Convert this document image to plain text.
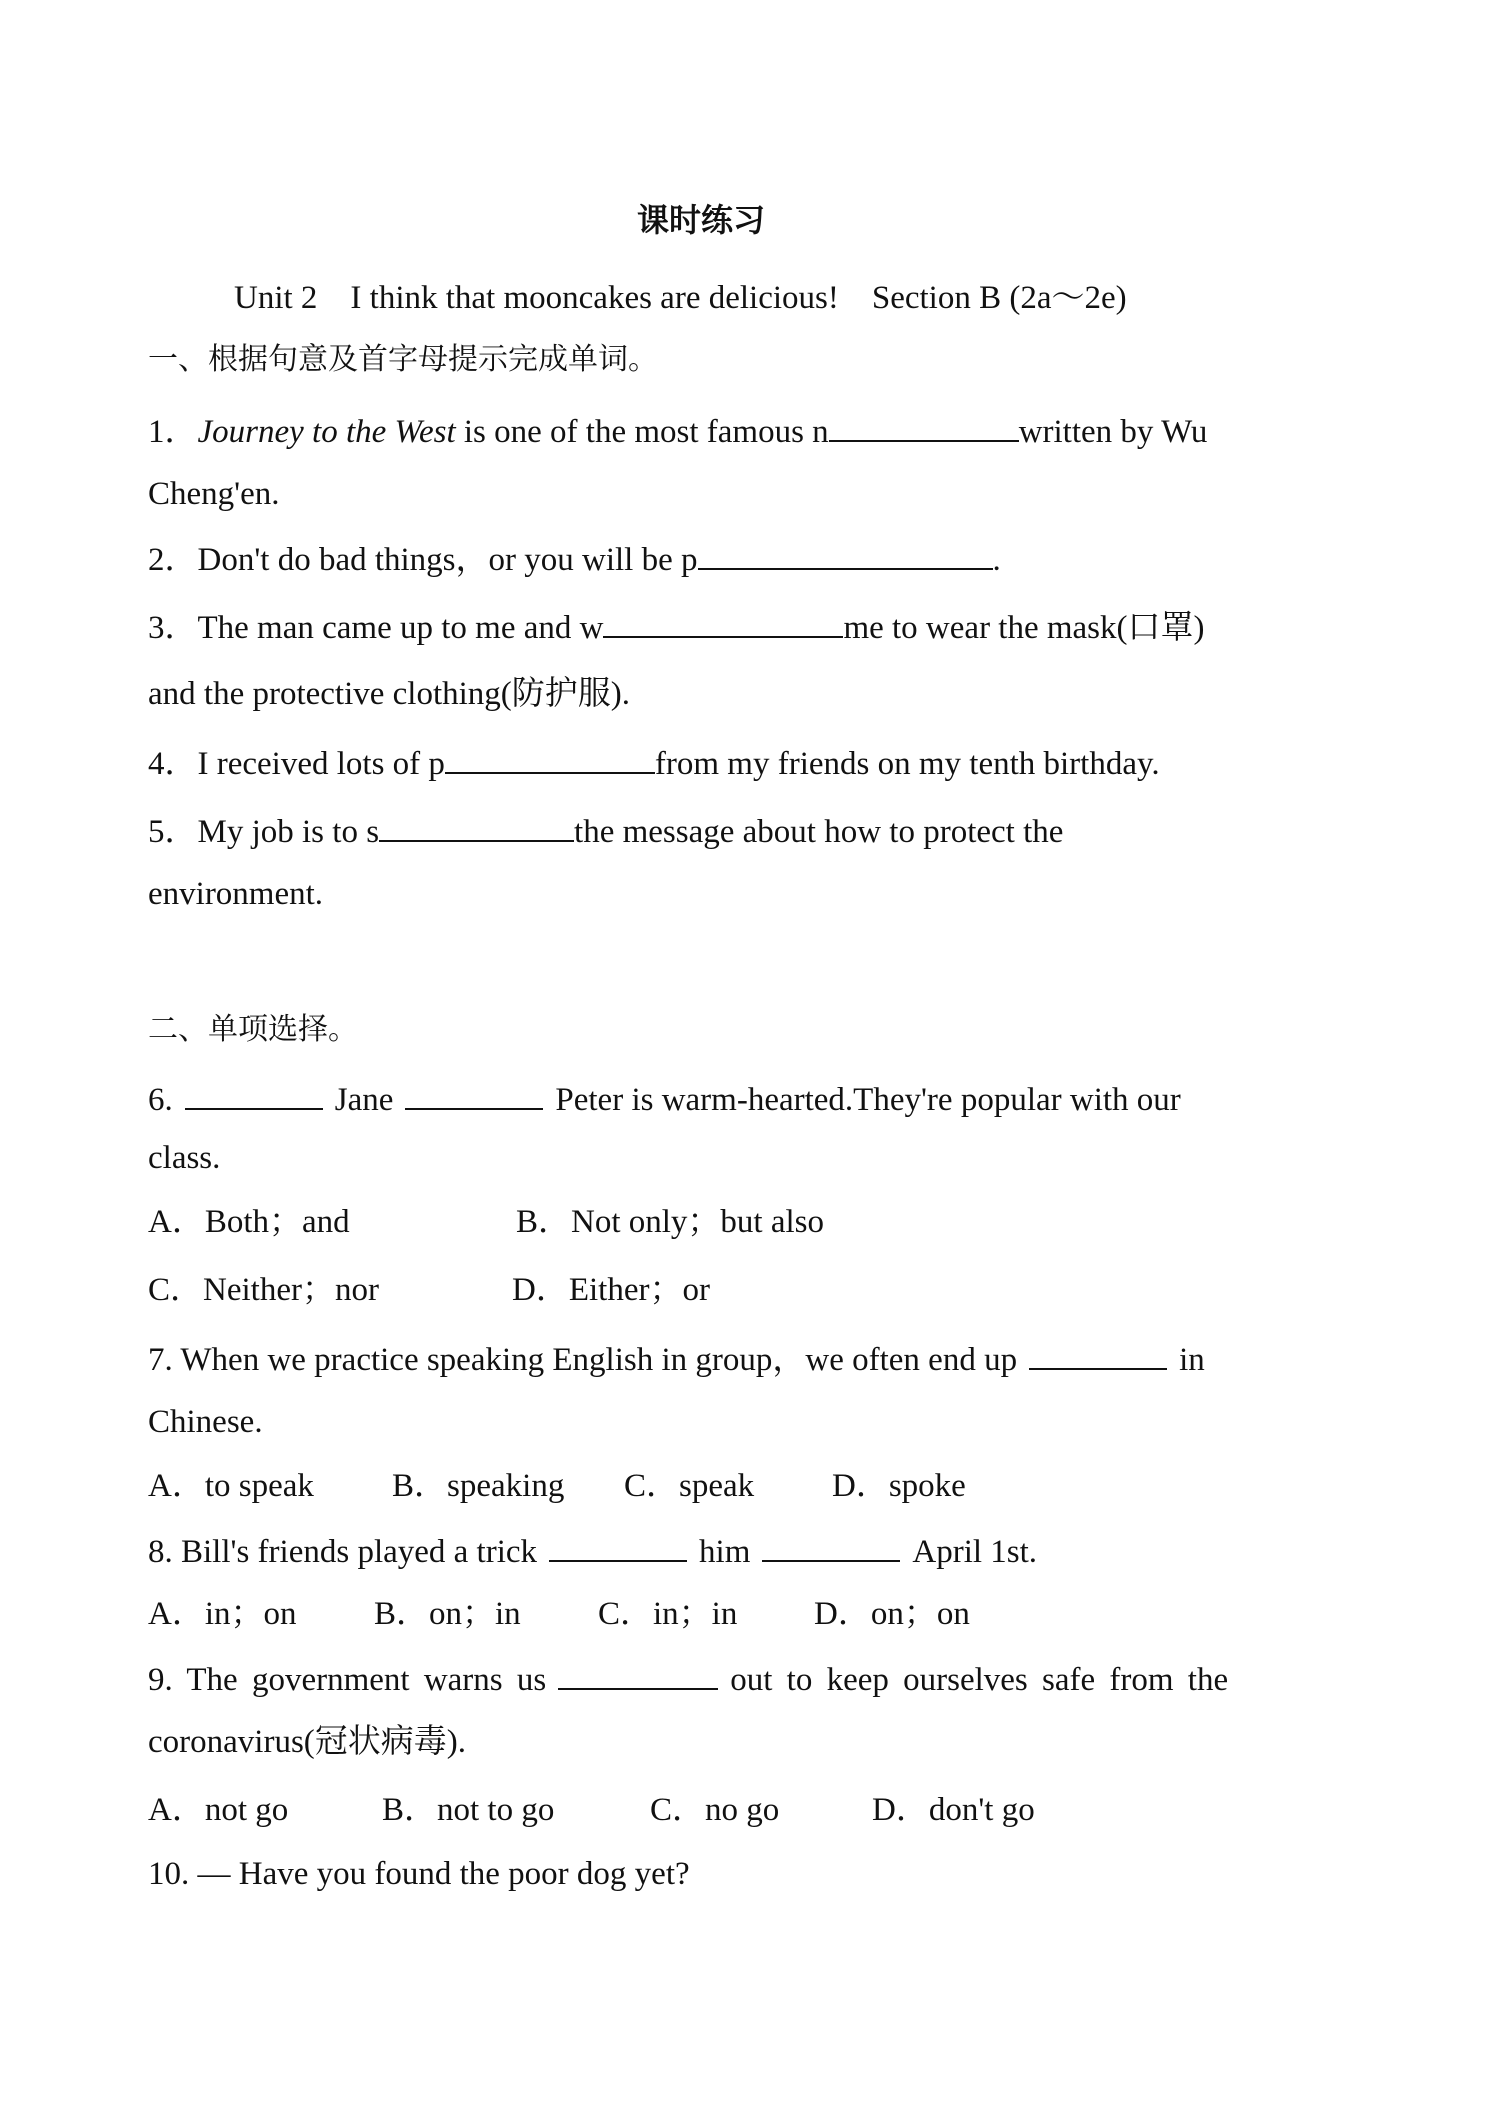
课时练习
Unit 2　I think that mooncakes are delicious!　Section B (2a～2e)
一、根据句意及首字母提示完成单词。
1．Journey to the West is one of the most famous n	written by Wu
Cheng'en.
2．Don't do bad things，or you will be p	.
3．The man came up to me and w	me to wear the mask(口罩)
and the protective clothing(防护服).
4．I received lots of p	from my friends on my tenth birthday.
5．My job is to s	the message about how to protect the
environment.
二、单项选择。
6.	Jane	Peter is warm-hearted.They're popular with our
class.
A．Both；and	B．Not only；but also
C．Neither；nor	D．Either；or
7. When we practice speaking English in group，we often end up	in
Chinese.
A．to speak B．speaking C．speak D．spoke
8. Bill's friends played a trick	him	April 1st.
A．in；on B．on；in C．in；in D．on；on
9. The government warns us	out to keep ourselves safe from the
coronavirus(冠状病毒).
A．not go	B．not to go	C．no go	D．don't go
10. — Have you found the poor dog yet?
